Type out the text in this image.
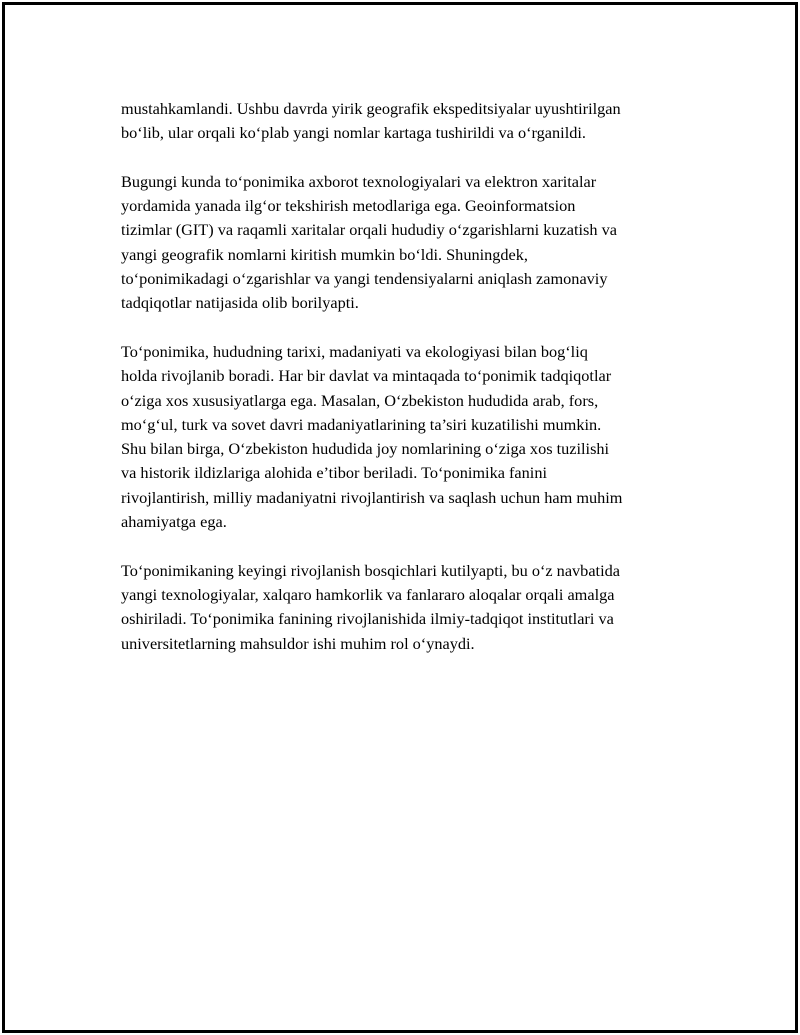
mustahkamlandi. Ushbu davrda yirik geografik ekspeditsiyalar uyushtirilgan
bo‘lib, ular orqali ko‘plab yangi nomlar kartaga tushirildi va o‘rganildi.

Bugungi kunda to‘ponimika axborot texnologiyalari va elektron xaritalar
yordamida yanada ilg‘or tekshirish metodlariga ega. Geoinformatsion
tizimlar (GIT) va raqamli xaritalar orqali hududiy o‘zgarishlarni kuzatish va
yangi geografik nomlarni kiritish mumkin bo‘ldi. Shuningdek,
to‘ponimikadagi o‘zgarishlar va yangi tendensiyalarni aniqlash zamonaviy
tadqiqotlar natijasida olib borilyapti.

To‘ponimika, hududning tarixi, madaniyati va ekologiyasi bilan bog‘liq
holda rivojlanib boradi. Har bir davlat va mintaqada to‘ponimik tadqiqotlar
o‘ziga xos xususiyatlarga ega. Masalan, O‘zbekiston hududida arab, fors,
mo‘g‘ul, turk va sovet davri madaniyatlarining ta’siri kuzatilishi mumkin.
Shu bilan birga, O‘zbekiston hududida joy nomlarining o‘ziga xos tuzilishi
va historik ildizlariga alohida e’tibor beriladi. To‘ponimika fanini
rivojlantirish, milliy madaniyatni rivojlantirish va saqlash uchun ham muhim
ahamiyatga ega.

To‘ponimikaning keyingi rivojlanish bosqichlari kutilyapti, bu o‘z navbatida
yangi texnologiyalar, xalqaro hamkorlik va fanlararo aloqalar orqali amalga
oshiriladi. To‘ponimika fanining rivojlanishida ilmiy-tadqiqot institutlari va
universitetlarning mahsuldor ishi muhim rol o‘ynaydi.
